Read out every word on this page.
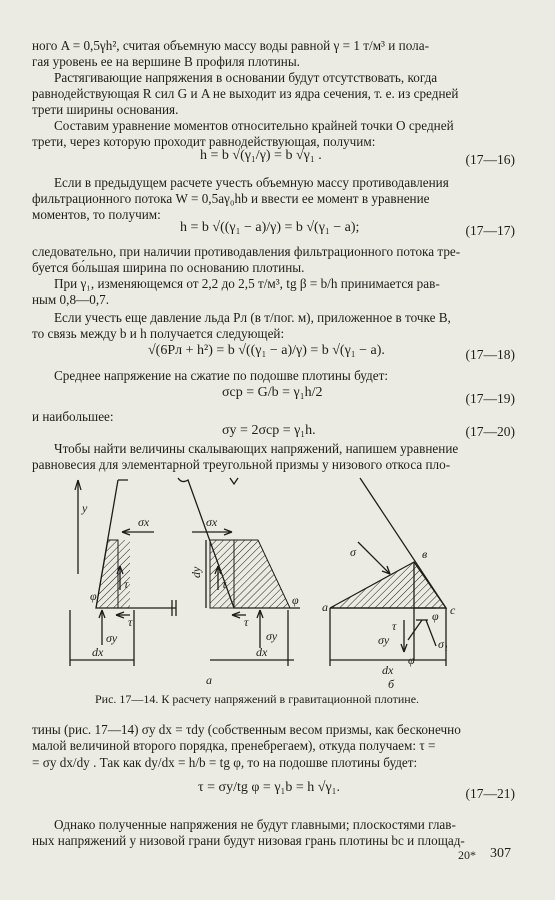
ного A = 0,5γh², считая объемную массу воды равной γ = 1 т/м³ и пола-
гая уровень ее на вершине B профиля плотины.
Растягивающие напряжения в основании будут отсутствовать, когда
равнодействующая R сил G и A не выходит из ядра сечения, т. е. из средней
трети ширины основания.
Составим уравнение моментов относительно крайней точки O средней
трети, через которую проходит равнодействующая, получим:
h = b √(γ₁/γ) = b √γ₁ .	(17—16)
Если в предыдущем расчете учесть объемную массу противодавления
фильтрационного потока W = 0,5aγ₀hb и ввести ее момент в уравнение
моментов, то получим:
h = b √((γ₁ − a)/γ) = b √(γ₁ − a);	(17—17)
следовательно, при наличии противодавления фильтрационного потока тре-
буется бо́льшая ширина по основанию плотины.
При γ₁, изменяющемся от 2,2 до 2,5 т/м³, tg β = b/h принимается рав-
ным 0,8—0,7.
Если учесть еще давление льда Pл (в т/пог. м), приложенное в точке B,
то связь между b и h получается следующей:
√(6Pл + h²) = b √((γ₁ − a)/γ) = b √(γ₁ − a).	(17—18)
Среднее напряжение на сжатие по подошве плотины будет:
σcp = G/b = γ₁h/2	(17—19)
и наибольшее:
σy = 2σcp = γ₁h.	(17—20)
Чтобы найти величины скалывающих напряжений, напишем уравнение
равновесия для элементарной треугольной призмы у низового откоса пло-
y
σx	σx
τ	τ
τ	τ
φ	φ
σy	σy
dx	dx
dy
a
a
σ	в
c
τ
φ
σy	σ₁
φ
dx
б
Рис. 17—14. К расчету напряжений в гравитационной плотине.
тины (рис. 17—14) σy dx = τdy (собственным весом призмы, как бесконечно
малой величиной второго порядка, пренебрегаем), откуда получаем: τ =
= σy dx/dy . Так как dy/dx = h/b = tg φ, то на подошве плотины будет:
τ = σy/tg φ = γ₁b = h √γ₁.	(17—21)
Однако полученные напряжения не будут главными; плоскостями глав-
ных напряжений у низовой грани будут низовая грань плотины bc и площад-
20* 307
